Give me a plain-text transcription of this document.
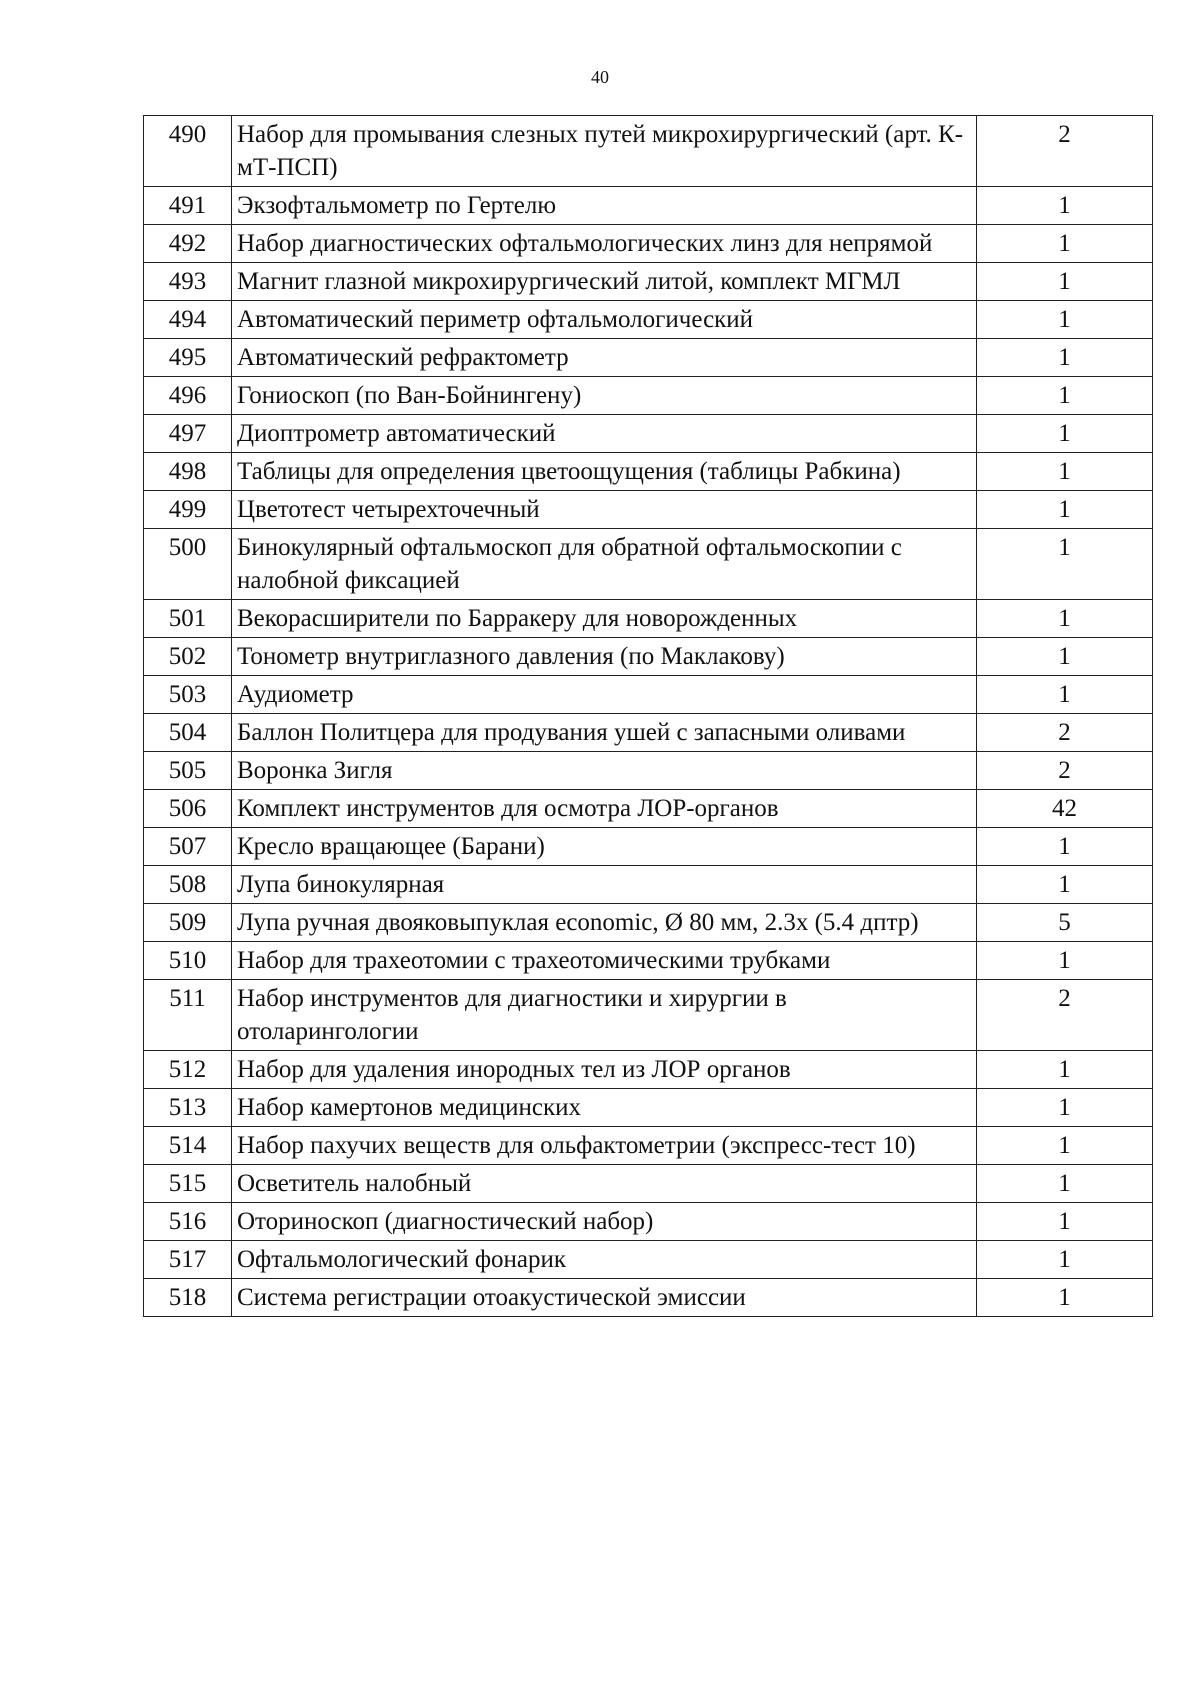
40
490	Набор для промывания слезных путей микрохирургический (арт. К-мТ-ПСП)	2
491	Экзофтальмометр по Гертелю	1
492	Набор диагностических офтальмологических линз для непрямой	1
493	Магнит глазной микрохирургический литой, комплект МГМЛ	1
494	Автоматический периметр офтальмологический	1
495	Автоматический рефрактометр	1
496	Гониоскоп (по Ван-Бойнингену)	1
497	Диоптрометр автоматический	1
498	Таблицы для определения цветоощущения (таблицы Рабкина)	1
499	Цветотест четырехточечный	1
500	Бинокулярный офтальмоскоп для обратной офтальмоскопии с налобной фиксацией	1
501	Векорасширители по Барракеру для новорожденных	1
502	Тонометр внутриглазного давления (по Маклакову)	1
503	Аудиометр	1
504	Баллон Политцера для продувания ушей с запасными оливами	2
505	Воронка Зигля	2
506	Комплект инструментов для осмотра ЛОР-органов	42
507	Кресло вращающее (Барани)	1
508	Лупа бинокулярная	1
509	Лупа ручная двояковыпуклая economic, Ø 80 мм, 2.3х (5.4 дптр)	5
510	Набор для трахеотомии с трахеотомическими трубками	1
511	Набор инструментов для диагностики и хирургии в отоларингологии	2
512	Набор для удаления инородных тел из ЛОР органов	1
513	Набор камертонов медицинских	1
514	Набор пахучих веществ для ольфактометрии (экспресс-тест 10)	1
515	Осветитель налобный	1
516	Оториноскоп (диагностический набор)	1
517	Офтальмологический фонарик	1
518	Система регистрации отоакустической эмиссии	1
